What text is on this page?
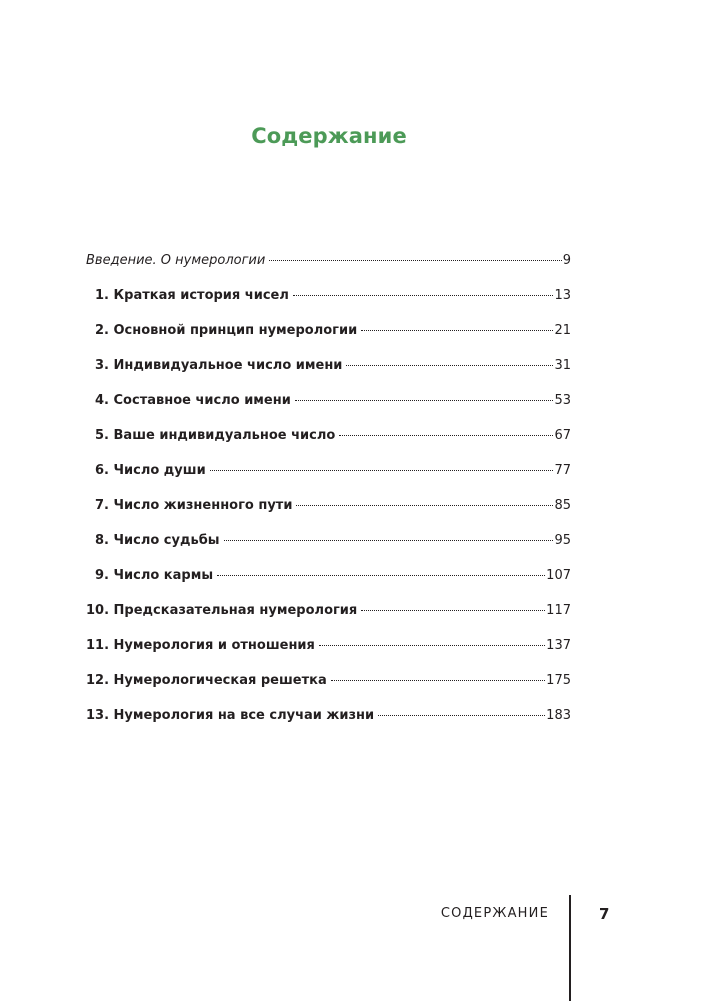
Содержание
Введение. О нумерологии	9
1. Краткая история чисел	13
2. Основной принцип нумерологии	21
3. Индивидуальное число имени	31
4. Составное число имени	53
5. Ваше индивидуальное число	67
6. Число души	77
7. Число жизненного пути	85
8. Число судьбы	95
9. Число кармы	107
10. Предсказательная нумерология	117
11. Нумерология и отношения	137
12. Нумерологическая решетка	175
13. Нумерология на все случаи жизни	183
СОДЕРЖАНИЕ	7
